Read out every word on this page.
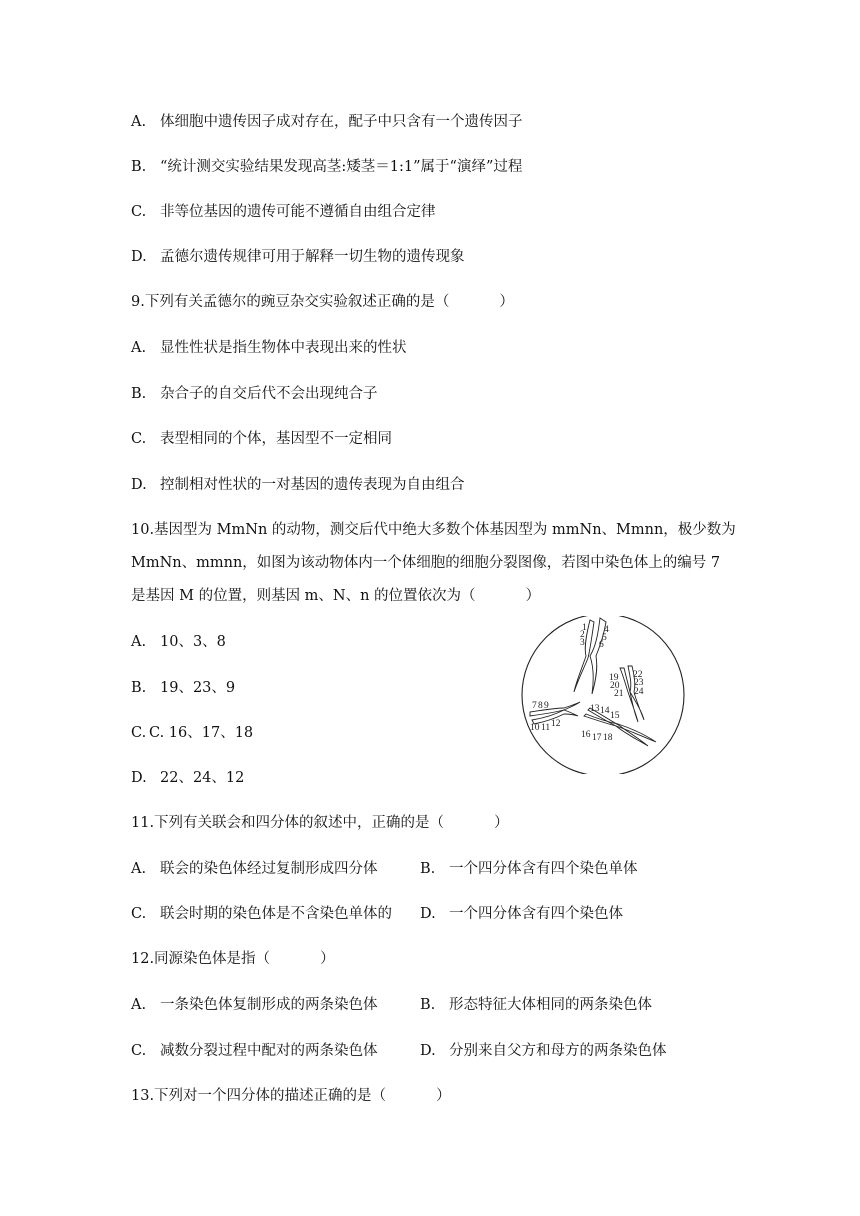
A. 体细胞中遗传因子成对存在，配子中只含有一个遗传因子
B. “统计测交实验结果发现高茎:矮茎＝1:1”属于“演绎”过程
C. 非等位基因的遗传可能不遵循自由组合定律
D. 孟德尔遗传规律可用于解释一切生物的遗传现象
9.下列有关孟德尔的豌豆杂交实验叙述正确的是（	）
A. 显性性状是指生物体中表现出来的性状
B. 杂合子的自交后代不会出现纯合子
C. 表型相同的个体，基因型不一定相同
D. 控制相对性状的一对基因的遗传表现为自由组合
10.基因型为 MmNn 的动物，测交后代中绝大多数个体基因型为 mmNn、Mmnn，极少数为
MmNn、mmnn，如图为该动物体内一个体细胞的细胞分裂图像，若图中染色体上的编号 7
是基因 M 的位置，则基因 m、N、n 的位置依次为（	）
A. 10、3、8
B. 19、23、9
C. C. 16、17、18
D. 22、24、12
1
2
3
4
5
6
7 8 9
10 11 12
13 14 15
16 17 18
19
20
21
22
23
24
11.下列有关联会和四分体的叙述中，正确的是（	）
A. 联会的染色体经过复制形成四分体	B. 一个四分体含有四个染色单体
C. 联会时期的染色体是不含染色单体的 D. 一个四分体含有四个染色体
12.同源染色体是指（	）
A. 一条染色体复制形成的两条染色体	B. 形态特征大体相同的两条染色体
C. 减数分裂过程中配对的两条染色体	D. 分别来自父方和母方的两条染色体
13.下列对一个四分体的描述正确的是（	）
